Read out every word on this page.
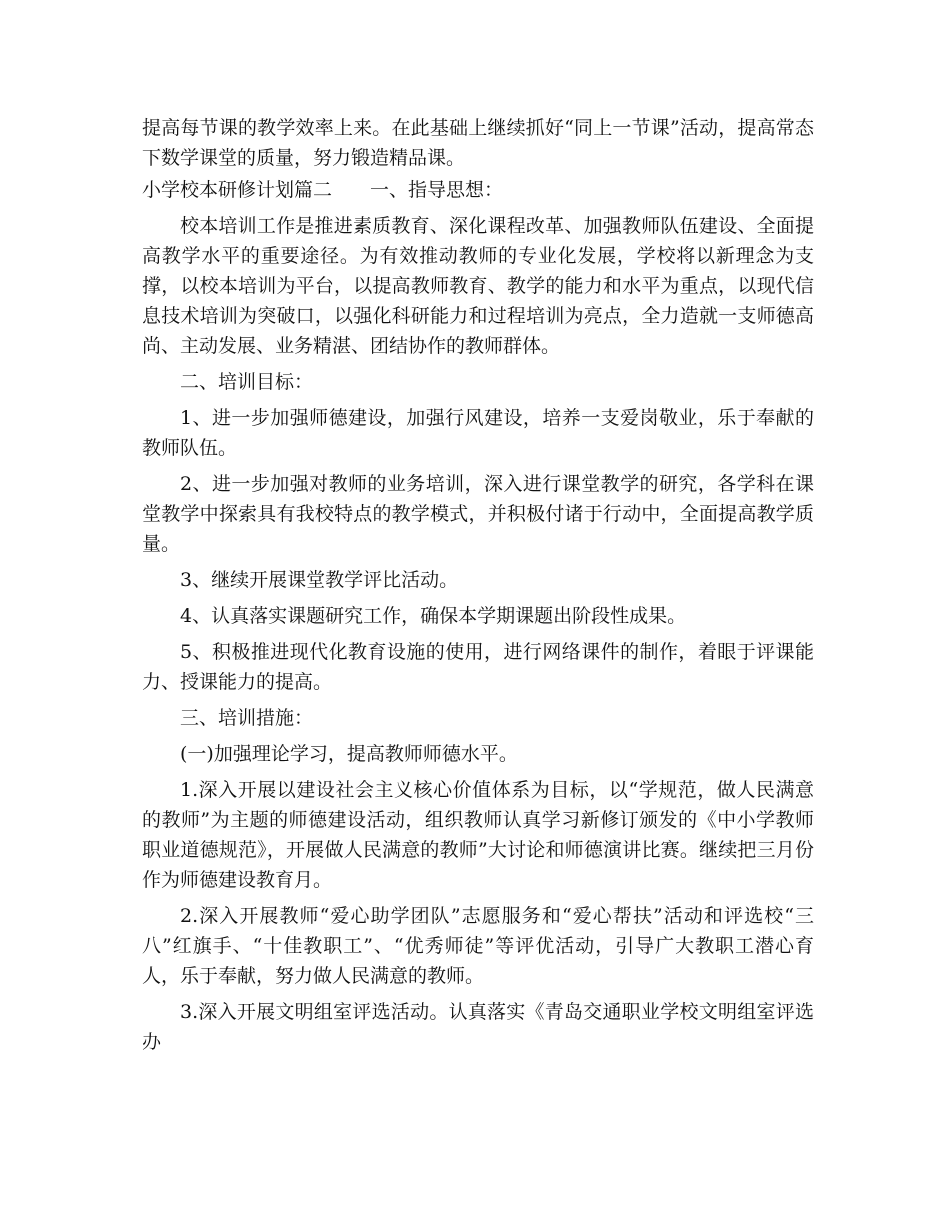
提高每节课的教学效率上来。在此基础上继续抓好“同上一节课”活动，提高常态下数学课堂的质量，努力锻造精品课。

小学校本研修计划篇二　　一、指导思想：

校本培训工作是推进素质教育、深化课程改革、加强教师队伍建设、全面提高教学水平的重要途径。为有效推动教师的专业化发展，学校将以新理念为支撑，以校本培训为平台，以提高教师教育、教学的能力和水平为重点，以现代信息技术培训为突破口，以强化科研能力和过程培训为亮点，全力造就一支师德高尚、主动发展、业务精湛、团结协作的教师群体。

二、培训目标：

1、进一步加强师德建设，加强行风建设，培养一支爱岗敬业，乐于奉献的教师队伍。

2、进一步加强对教师的业务培训，深入进行课堂教学的研究，各学科在课堂教学中探索具有我校特点的教学模式，并积极付诸于行动中，全面提高教学质量。

3、继续开展课堂教学评比活动。

4、认真落实课题研究工作，确保本学期课题出阶段性成果。

5、积极推进现代化教育设施的使用，进行网络课件的制作，着眼于评课能力、授课能力的提高。

三、培训措施：

(一)加强理论学习，提高教师师德水平。

1.深入开展以建设社会主义核心价值体系为目标，以“学规范，做人民满意的教师”为主题的师德建设活动，组织教师认真学习新修订颁发的《中小学教师职业道德规范》，开展做人民满意的教师”大讨论和师德演讲比赛。继续把三月份作为师德建设教育月。

2.深入开展教师“爱心助学团队”志愿服务和“爱心帮扶”活动和评选校“三八”红旗手、“十佳教职工”、“优秀师徒”等评优活动，引导广大教职工潜心育人，乐于奉献，努力做人民满意的教师。

3.深入开展文明组室评选活动。认真落实《青岛交通职业学校文明组室评选办
